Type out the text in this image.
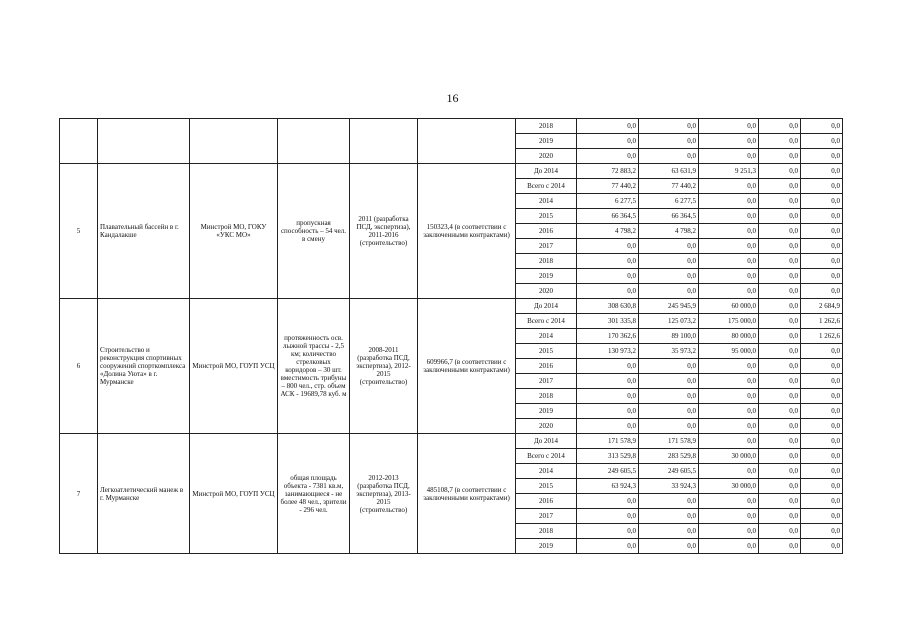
16
						2018	0,0	0,0	0,0	0,0	0,0
						2019	0,0	0,0	0,0	0,0	0,0
						2020	0,0	0,0	0,0	0,0	0,0
5	Плавательный бассейн в г. Кандалакше	Минстрой МО, ГОКУ «УКС МО»	пропускная способность – 54 чел. в смену	2011 (разработка ПСД, экспертиза), 2011-2016 (строительство)	150323,4 (в соответствии с заключенными контрактами)	До 2014	72 883,2	63 631,9	9 251,3	0,0	0,0
						Всего с 2014	77 440,2	77 440,2	0,0	0,0	0,0
						2014	6 277,5	6 277,5	0,0	0,0	0,0
						2015	66 364,5	66 364,5	0,0	0,0	0,0
						2016	4 798,2	4 798,2	0,0	0,0	0,0
						2017	0,0	0,0	0,0	0,0	0,0
						2018	0,0	0,0	0,0	0,0	0,0
						2019	0,0	0,0	0,0	0,0	0,0
						2020	0,0	0,0	0,0	0,0	0,0
6	Строительство и реконструкция спортивных сооружений спорткомплекса «Долина Уюта» в г. Мурманске	Минстрой МО, ГОУП УСЦ	протяженность осв. лыжной трассы - 2,5 км; количество стрелковых коридоров – 30 шт. вместимость трибуны – 800 чел., стр. объем АСК - 19689,78 куб. м	2008-2011 (разработка ПСД, экспертиза), 2012-2015 (строительство)	609966,7 (в соответствии с заключенными контрактами)	До 2014	308 630,8	245 945,9	60 000,0	0,0	2 684,9
						Всего с 2014	301 335,8	125 073,2	175 000,0	0,0	1 262,6
						2014	170 362,6	89 100,0	80 000,0	0,0	1 262,6
						2015	130 973,2	35 973,2	95 000,0	0,0	0,0
						2016	0,0	0,0	0,0	0,0	0,0
						2017	0,0	0,0	0,0	0,0	0,0
						2018	0,0	0,0	0,0	0,0	0,0
						2019	0,0	0,0	0,0	0,0	0,0
						2020	0,0	0,0	0,0	0,0	0,0
7	Легкоатлетический манеж в г. Мурманске	Минстрой МО, ГОУП УСЦ	общая площадь объекта - 7381 кв.м, занимающиеся - не более 48 чел., зрители - 296 чел.	2012-2013 (разработка ПСД, экспертиза), 2013-2015 (строительство)	485108,7 (в соответствии с заключенными контрактами)	До 2014	171 578,9	171 578,9	0,0	0,0	0,0
						Всего с 2014	313 529,8	283 529,8	30 000,0	0,0	0,0
						2014	249 605,5	249 605,5	0,0	0,0	0,0
						2015	63 924,3	33 924,3	30 000,0	0,0	0,0
						2016	0,0	0,0	0,0	0,0	0,0
						2017	0,0	0,0	0,0	0,0	0,0
						2018	0,0	0,0	0,0	0,0	0,0
						2019	0,0	0,0	0,0	0,0	0,0
